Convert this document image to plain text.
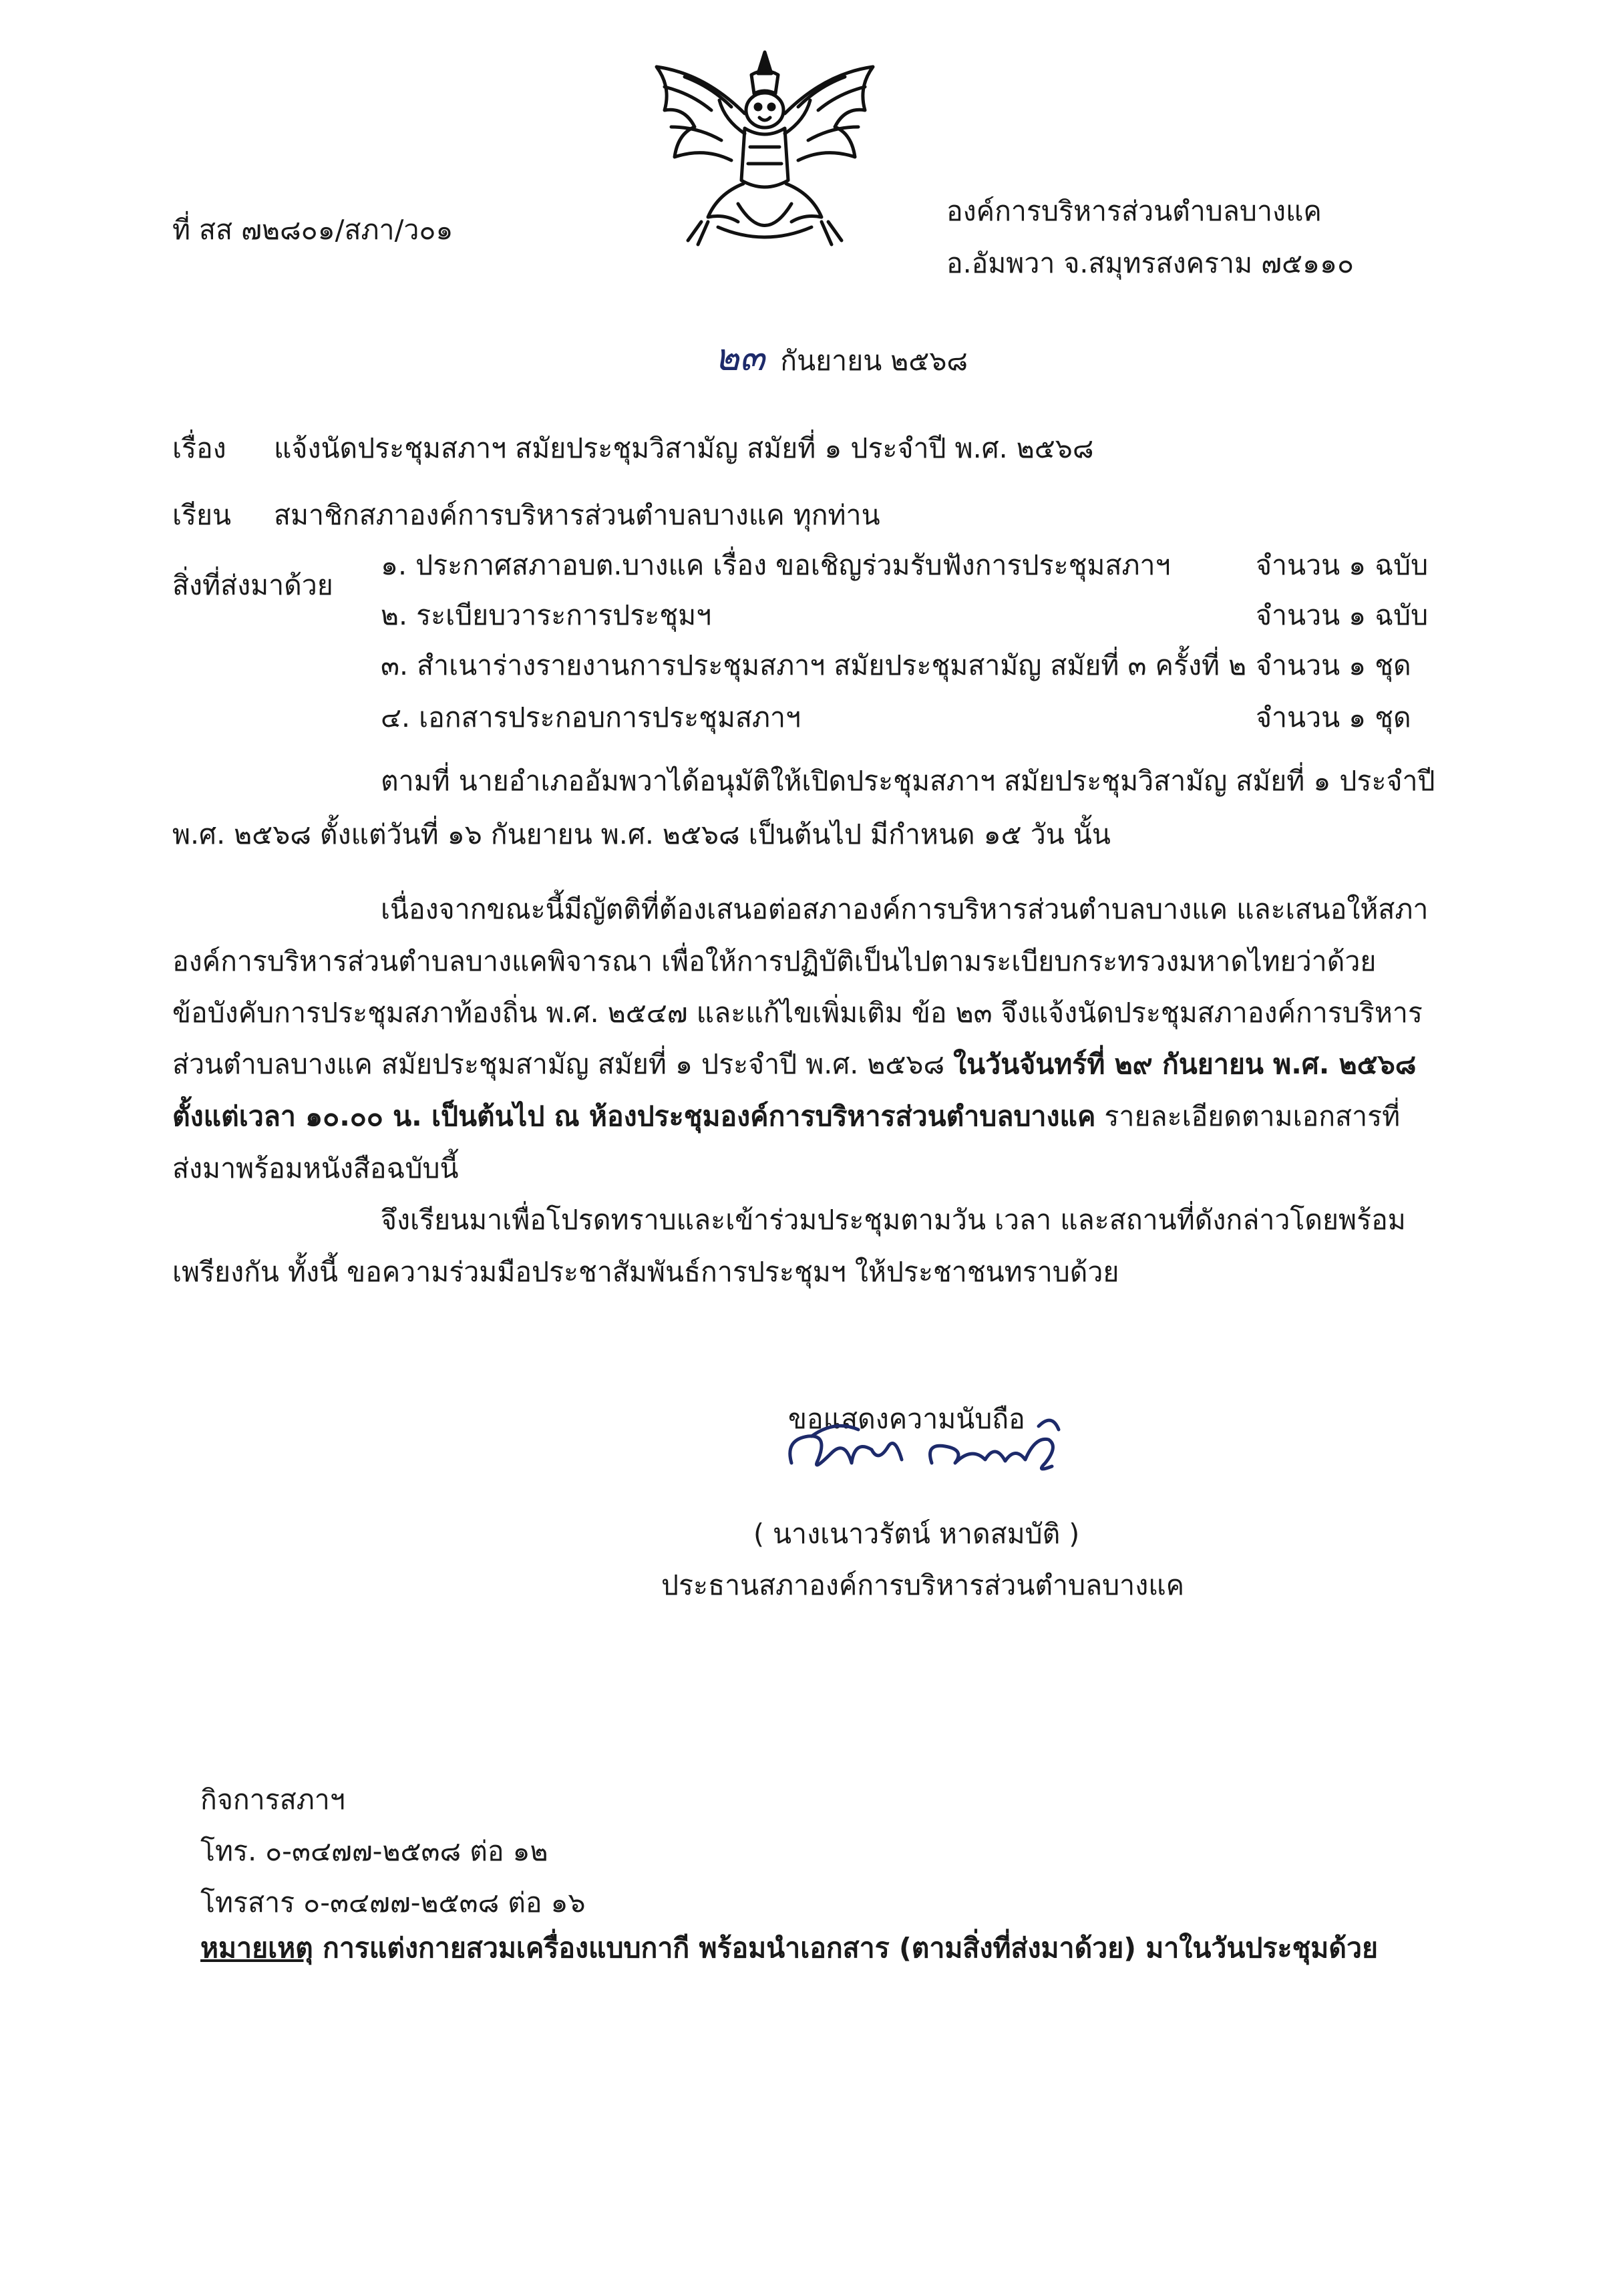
ที่ สส ๗๒๘๐๑/สภา/ว๐๑
องค์การบริหารส่วนตำบลบางแค
อ.อัมพวา จ.สมุทรสงคราม ๗๕๑๑๐
๒๓ กันยายน ๒๕๖๘
เรื่อง แจ้งนัดประชุมสภาฯ สมัยประชุมวิสามัญ สมัยที่ ๑ ประจำปี พ.ศ. ๒๕๖๘
เรียน สมาชิกสภาองค์การบริหารส่วนตำบลบางแค ทุกท่าน
สิ่งที่ส่งมาด้วย
๑. ประกาศสภาอบต.บางแค เรื่อง ขอเชิญร่วมรับฟังการประชุมสภาฯ	จำนวน ๑ ฉบับ
๒. ระเบียบวาระการประชุมฯ	จำนวน ๑ ฉบับ
๓. สำเนาร่างรายงานการประชุมสภาฯ สมัยประชุมสามัญ สมัยที่ ๓ ครั้งที่ ๒ จำนวน ๑ ชุด
๔. เอกสารประกอบการประชุมสภาฯ	จำนวน ๑ ชุด
ตามที่ นายอำเภออัมพวาได้อนุมัติให้เปิดประชุมสภาฯ สมัยประชุมวิสามัญ สมัยที่ ๑ ประจำปี
พ.ศ. ๒๕๖๘ ตั้งแต่วันที่ ๑๖ กันยายน พ.ศ. ๒๕๖๘ เป็นต้นไป มีกำหนด ๑๕ วัน นั้น
เนื่องจากขณะนี้มีญัตติที่ต้องเสนอต่อสภาองค์การบริหารส่วนตำบลบางแค และเสนอให้สภา
องค์การบริหารส่วนตำบลบางแคพิจารณา เพื่อให้การปฏิบัติเป็นไปตามระเบียบกระทรวงมหาดไทยว่าด้วย
ข้อบังคับการประชุมสภาท้องถิ่น พ.ศ. ๒๕๔๗ และแก้ไขเพิ่มเติม ข้อ ๒๓ จึงแจ้งนัดประชุมสภาองค์การบริหาร
ส่วนตำบลบางแค สมัยประชุมสามัญ สมัยที่ ๑ ประจำปี พ.ศ. ๒๕๖๘ ในวันจันทร์ที่ ๒๙ กันยายน พ.ศ. ๒๕๖๘
ตั้งแต่เวลา ๑๐.๐๐ น. เป็นต้นไป ณ ห้องประชุมองค์การบริหารส่วนตำบลบางแค รายละเอียดตามเอกสารที่
ส่งมาพร้อมหนังสือฉบับนี้
จึงเรียนมาเพื่อโปรดทราบและเข้าร่วมประชุมตามวัน เวลา และสถานที่ดังกล่าวโดยพร้อม
เพรียงกัน ทั้งนี้ ขอความร่วมมือประชาสัมพันธ์การประชุมฯ ให้ประชาชนทราบด้วย
ขอแสดงความนับถือ
( นางเนาวรัตน์ หาดสมบัติ )
ประธานสภาองค์การบริหารส่วนตำบลบางแค
กิจการสภาฯ
โทร. ๐-๓๔๗๗-๒๕๓๘ ต่อ ๑๒
โทรสาร ๐-๓๔๗๗-๒๕๓๘ ต่อ ๑๖
หมายเหตุ การแต่งกายสวมเครื่องแบบกากี พร้อมนำเอกสาร (ตามสิ่งที่ส่งมาด้วย) มาในวันประชุมด้วย
